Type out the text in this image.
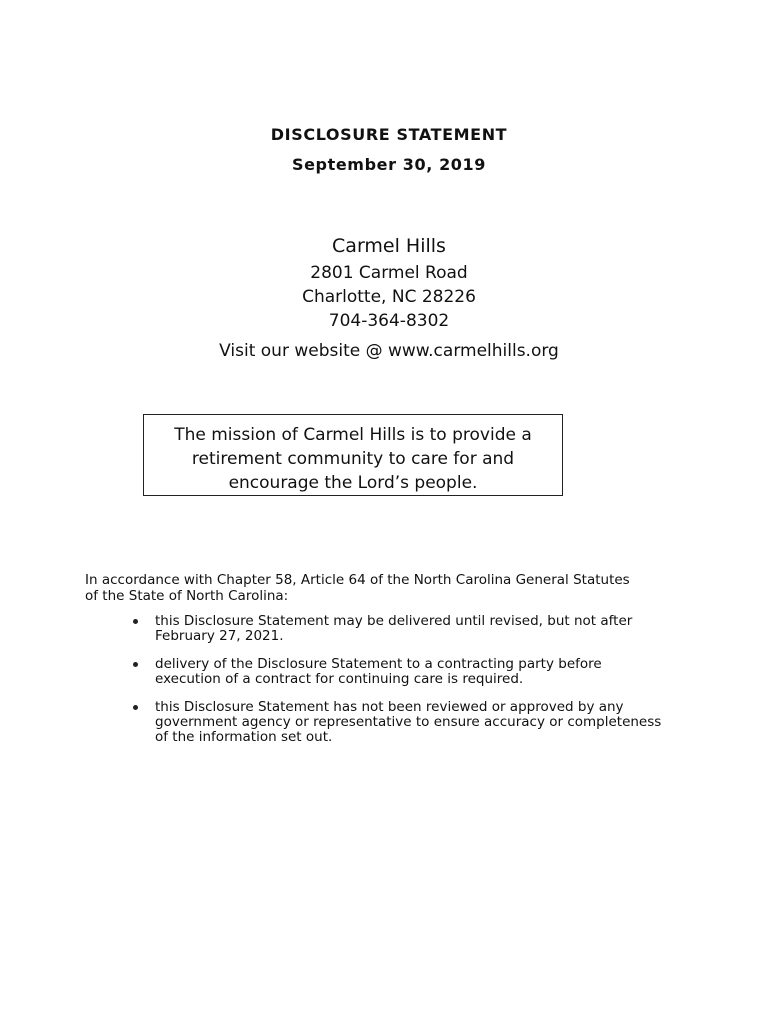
DISCLOSURE STATEMENT
September 30, 2019
Carmel Hills
2801 Carmel Road
Charlotte, NC 28226
704-364-8302
Visit our website @ www.carmelhills.org
The mission of Carmel Hills is to provide a
retirement community to care for and
encourage the Lord’s people.
In accordance with Chapter 58, Article 64 of the North Carolina General Statutes
of the State of North Carolina:
this Disclosure Statement may be delivered until revised, but not after
February 27, 2021.
delivery of the Disclosure Statement to a contracting party before
execution of a contract for continuing care is required.
this Disclosure Statement has not been reviewed or approved by any
government agency or representative to ensure accuracy or completeness
of the information set out.
